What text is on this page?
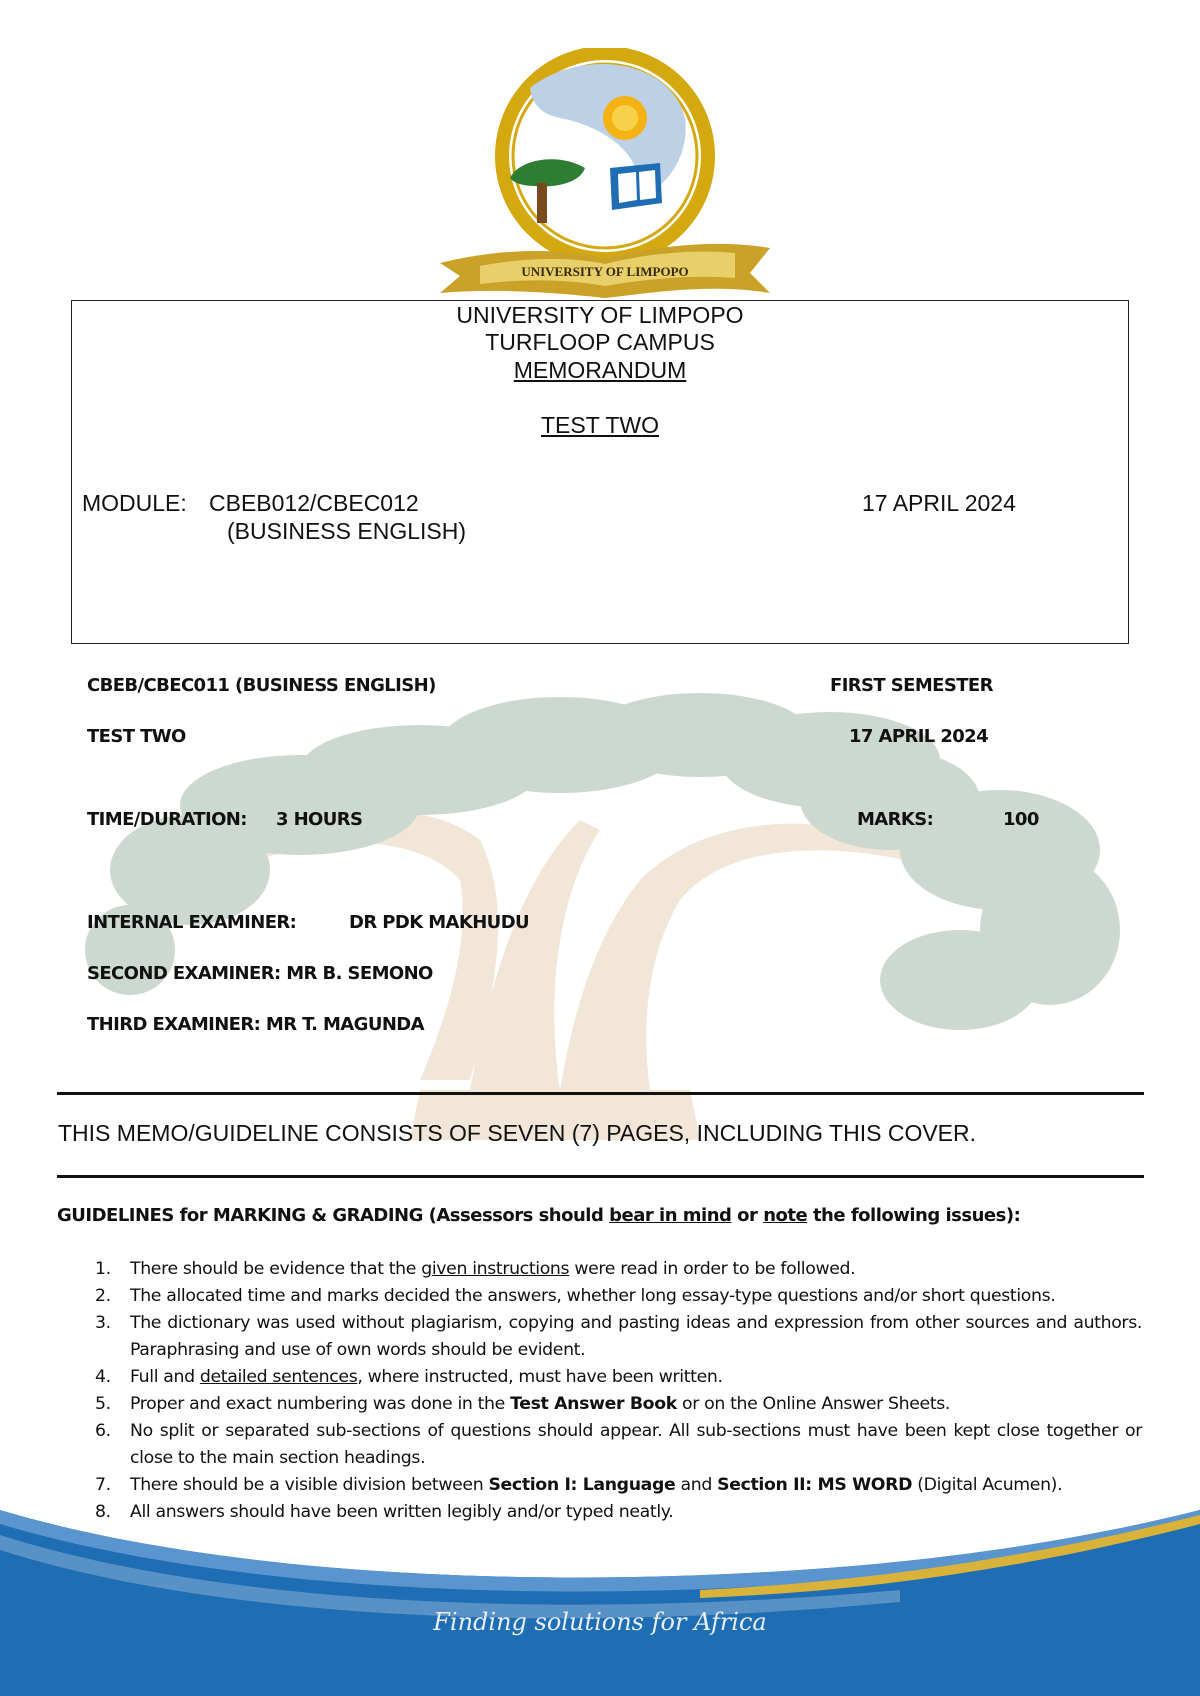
UNIVERSITY OF LIMPOPO
UNIVERSITY OF LIMPOPO
TURFLOOP CAMPUS
MEMORANDUM
TEST TWO
MODULE: CBEB012/CBEC012
(BUSINESS ENGLISH)
17 APRIL 2024
CBEB/CBEC011 (BUSINESS ENGLISH)	FIRST SEMESTER
TEST TWO	17 APRIL 2024
TIME/DURATION: 3 HOURS	MARKS:	100
INTERNAL EXAMINER:	DR PDK MAKHUDU
SECOND EXAMINER: MR B. SEMONO
THIRD EXAMINER: MR T. MAGUNDA
THIS MEMO/GUIDELINE CONSISTS OF SEVEN (7) PAGES, INCLUDING THIS COVER.
GUIDELINES for MARKING & GRADING (Assessors should bear in mind or note the following issues):
1. There should be evidence that the given instructions were read in order to be followed.
2. The allocated time and marks decided the answers, whether long essay-type questions and/or short questions.
3. The dictionary was used without plagiarism, copying and pasting ideas and expression from other sources and authors. Paraphrasing and use of own words should be evident.
4. Full and detailed sentences, where instructed, must have been written.
5. Proper and exact numbering was done in the Test Answer Book or on the Online Answer Sheets.
6. No split or separated sub-sections of questions should appear. All sub-sections must have been kept close together or close to the main section headings.
7. There should be a visible division between Section I: Language and Section II: MS WORD (Digital Acumen).
8. All answers should have been written legibly and/or typed neatly.
Finding solutions for Africa
